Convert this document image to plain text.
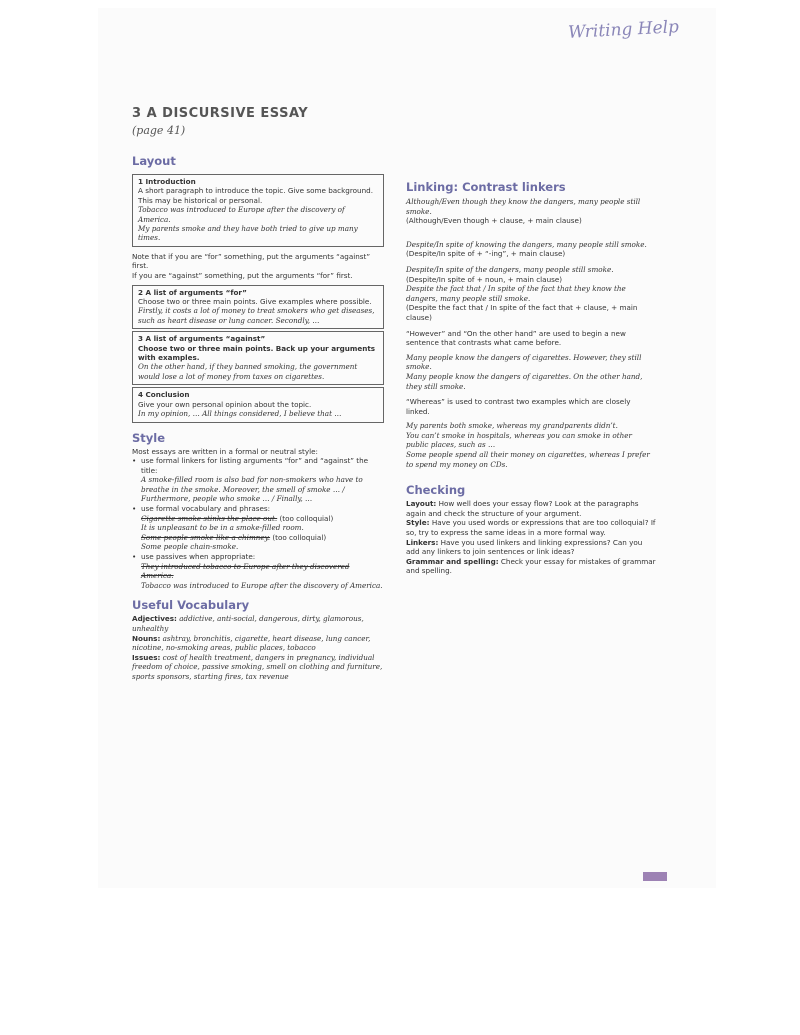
Writing Help
3 A DISCURSIVE ESSAY
(page 41)
Layout
1 Introduction
A short paragraph to introduce the topic. Give some background. This may be historical or personal.
Tobacco was introduced to Europe after the discovery of America.
My parents smoke and they have both tried to give up many times.
Note that if you are “for” something, put the arguments “against” first.
If you are “against” something, put the arguments “for” first.
2 A list of arguments “for”
Choose two or three main points. Give examples where possible.
Firstly, it costs a lot of money to treat smokers who get diseases, such as heart disease or lung cancer. Secondly, …
3 A list of arguments “against”
Choose two or three main points. Back up your arguments with examples.
On the other hand, if they banned smoking, the government would lose a lot of money from taxes on cigarettes.
4 Conclusion
Give your own personal opinion about the topic.
In my opinion, … All things considered, I believe that …
Style
Most essays are written in a formal or neutral style:
• use formal linkers for listing arguments “for” and “against” the title:
A smoke-filled room is also bad for non-smokers who have to breathe in the smoke. Moreover, the smell of smoke … / Furthermore, people who smoke … / Finally, …
• use formal vocabulary and phrases:
Cigarette smoke stinks the place out. (too colloquial)
It is unpleasant to be in a smoke-filled room.
Some people smoke like a chimney. (too colloquial)
Some people chain-smoke.
• use passives when appropriate:
They introduced tobacco to Europe after they discovered America.
Tobacco was introduced to Europe after the discovery of America.
Useful Vocabulary
Adjectives: addictive, anti-social, dangerous, dirty, glamorous, unhealthy
Nouns: ashtray, bronchitis, cigarette, heart disease, lung cancer, nicotine, no-smoking areas, public places, tobacco
Issues: cost of health treatment, dangers in pregnancy, individual freedom of choice, passive smoking, smell on clothing and furniture, sports sponsors, starting fires, tax revenue
Linking: Contrast linkers
Although/Even though they know the dangers, many people still smoke.
(Although/Even though + clause, + main clause)
Despite/In spite of knowing the dangers, many people still smoke.
(Despite/In spite of + “-ing”, + main clause)
Despite/In spite of the dangers, many people still smoke.
(Despite/In spite of + noun, + main clause)
Despite the fact that / In spite of the fact that they know the dangers, many people still smoke.
(Despite the fact that / In spite of the fact that + clause, + main clause)
“However” and “On the other hand” are used to begin a new sentence that contrasts what came before.
Many people know the dangers of cigarettes. However, they still smoke.
Many people know the dangers of cigarettes. On the other hand, they still smoke.
“Whereas” is used to contrast two examples which are closely linked.
My parents both smoke, whereas my grandparents didn’t.
You can’t smoke in hospitals, whereas you can smoke in other public places, such as …
Some people spend all their money on cigarettes, whereas I prefer to spend my money on CDs.
Checking
Layout: How well does your essay flow? Look at the paragraphs again and check the structure of your argument.
Style: Have you used words or expressions that are too colloquial? If so, try to express the same ideas in a more formal way.
Linkers: Have you used linkers and linking expressions? Can you add any linkers to join sentences or link ideas?
Grammar and spelling: Check your essay for mistakes of grammar and spelling.
